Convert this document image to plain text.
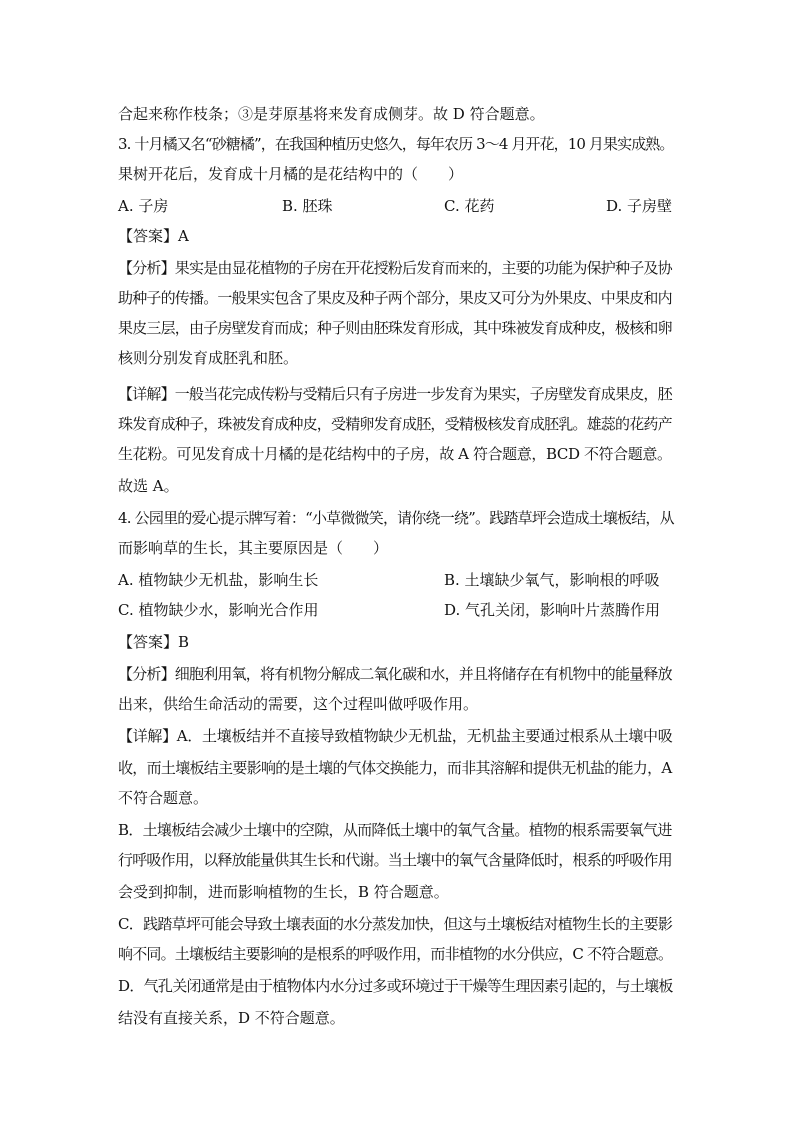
合起来称作枝条；③是芽原基将来发育成侧芽。故 D 符合题意。
3. 十月橘又名“砂糖橘”，在我国种植历史悠久，每年农历 3～4 月开花，10 月果实成熟。
果树开花后，发育成十月橘的是花结构中的（　　）
A. 子房	B. 胚珠	C. 花药	D. 子房壁
【答案】A
【分析】果实是由显花植物的子房在开花授粉后发育而来的，主要的功能为保护种子及协
助种子的传播。一般果实包含了果皮及种子两个部分，果皮又可分为外果皮、中果皮和内
果皮三层，由子房壁发育而成；种子则由胚珠发育形成，其中珠被发育成种皮，极核和卵
核则分别发育成胚乳和胚。
【详解】一般当花完成传粉与受精后只有子房进一步发育为果实，子房壁发育成果皮，胚
珠发育成种子，珠被发育成种皮，受精卵发育成胚，受精极核发育成胚乳。雄蕊的花药产
生花粉。可见发育成十月橘的是花结构中的子房，故 A 符合题意，BCD 不符合题意。
故选 A。
4. 公园里的爱心提示牌写着：“小草微微笑，请你绕一绕”。践踏草坪会造成土壤板结，从
而影响草的生长，其主要原因是（　　）
A. 植物缺少无机盐，影响生长	B. 土壤缺少氧气，影响根的呼吸
C. 植物缺少水，影响光合作用	D. 气孔关闭，影响叶片蒸腾作用
【答案】B
【分析】细胞利用氧，将有机物分解成二氧化碳和水，并且将储存在有机物中的能量释放
出来，供给生命活动的需要，这个过程叫做呼吸作用。
【详解】A．土壤板结并不直接导致植物缺少无机盐，无机盐主要通过根系从土壤中吸
收，而土壤板结主要影响的是土壤的气体交换能力，而非其溶解和提供无机盐的能力，A
不符合题意。
B．土壤板结会减少土壤中的空隙，从而降低土壤中的氧气含量。植物的根系需要氧气进
行呼吸作用，以释放能量供其生长和代谢。当土壤中的氧气含量降低时，根系的呼吸作用
会受到抑制，进而影响植物的生长，B 符合题意。
C．践踏草坪可能会导致土壤表面的水分蒸发加快，但这与土壤板结对植物生长的主要影
响不同。土壤板结主要影响的是根系的呼吸作用，而非植物的水分供应，C 不符合题意。
D．气孔关闭通常是由于植物体内水分过多或环境过于干燥等生理因素引起的，与土壤板
结没有直接关系，D 不符合题意。
